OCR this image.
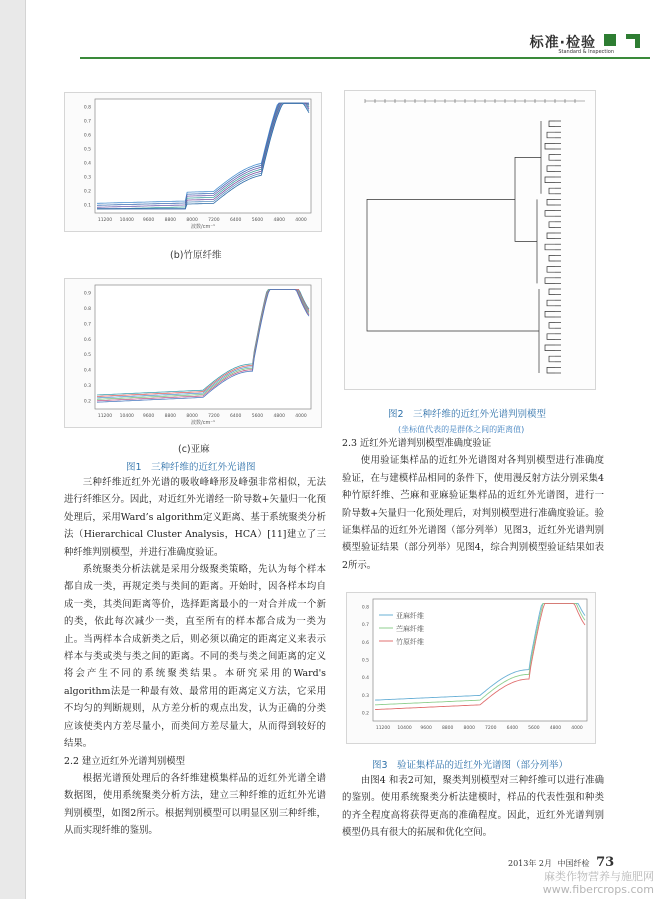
标准·检验
Standard & Inspection
11200 10400 9600 8800 8000 7200 6400 5600 4800 4000
0.8
0.7
0.6
0.5
0.4
0.3
0.2
0.1
波数/cm⁻¹
(b)竹原纤维
11200 10400 9600 8800 8000 7200 6400 5600 4800 4000
0.9
0.8
0.7
0.6
0.5
0.4
0.3
0.2
波数/cm⁻¹
(c)亚麻
图1　三种纤维的近红外光谱图

三种纤维近红外光谱的吸收峰峰形及峰强非常相似，无法进行纤维区分。因此，对近红外光谱经一阶导数+矢量归一化预处理后，采用Ward’s algorithm定义距离、基于系统聚类分析法（Hierarchical Cluster Analysis，HCA）[11]建立了三种纤维判别模型，并进行准确度验证。

系统聚类分析法就是采用分级聚类策略，先认为每个样本都自成一类，再规定类与类间的距离。开始时，因各样本均自成一类，其类间距离等价，选择距离最小的一对合并成一个新的类，依此每次减少一类，直至所有的样本都合成为一类为止。当两样本合成新类之后，则必须以确定的距离定义来表示样本与类或类与类之间的距离。不同的类与类之间距离的定义将会产生不同的系统聚类结果。本研究采用的Ward's algorithm法是一种最有效、最常用的距离定义方法，它采用不均匀的判断规则，从方差分析的观点出发，认为正确的分类应该使类内方差尽量小，而类间方差尽量大，从而得到较好的结果。

2.2 建立近红外光谱判别模型

根据光谱预处理后的各纤维建模集样品的近红外光谱全谱数据图，使用系统聚类分析方法，建立三种纤维的近红外光谱判别模型，如图2所示。根据判别模型可以明显区别三种纤维，从而实现纤维的鉴别。

图2　三种纤维的近红外光谱判别模型
(坐标值代表的是群体之间的距离值)
2.3 近红外光谱判别模型准确度验证

使用验证集样品的近红外光谱图对各判别模型进行准确度验证，在与建模样品相同的条件下，使用漫反射方法分别采集4种竹原纤维、苎麻和亚麻验证集样品的近红外光谱图，进行一阶导数+矢量归一化预处理后，对判别模型进行准确度验证。验证集样品的近红外光谱图（部分列举）见图3，近红外光谱判别模型验证结果（部分列举）见图4，综合判别模型验证结果如表2所示。

11200 10400 9600 8800 8000 7200 6400 5600 4800 4000
0.8
0.7
0.6
0.5
0.4
0.3
0.2
亚麻纤维
苎麻纤维
竹原纤维
图3　验证集样品的近红外光谱图（部分列举）

由图4 和表2可知，聚类判别模型对三种纤维可以进行准确的鉴别。使用系统聚类分析法建模时，样品的代表性强和种类的齐全程度高将获得更高的准确程度。因此，近红外光谱判别模型仍具有很大的拓展和优化空间。

2013年 2月 中国纤检 73
麻类作物营养与施肥网
www.fibercrops.com
